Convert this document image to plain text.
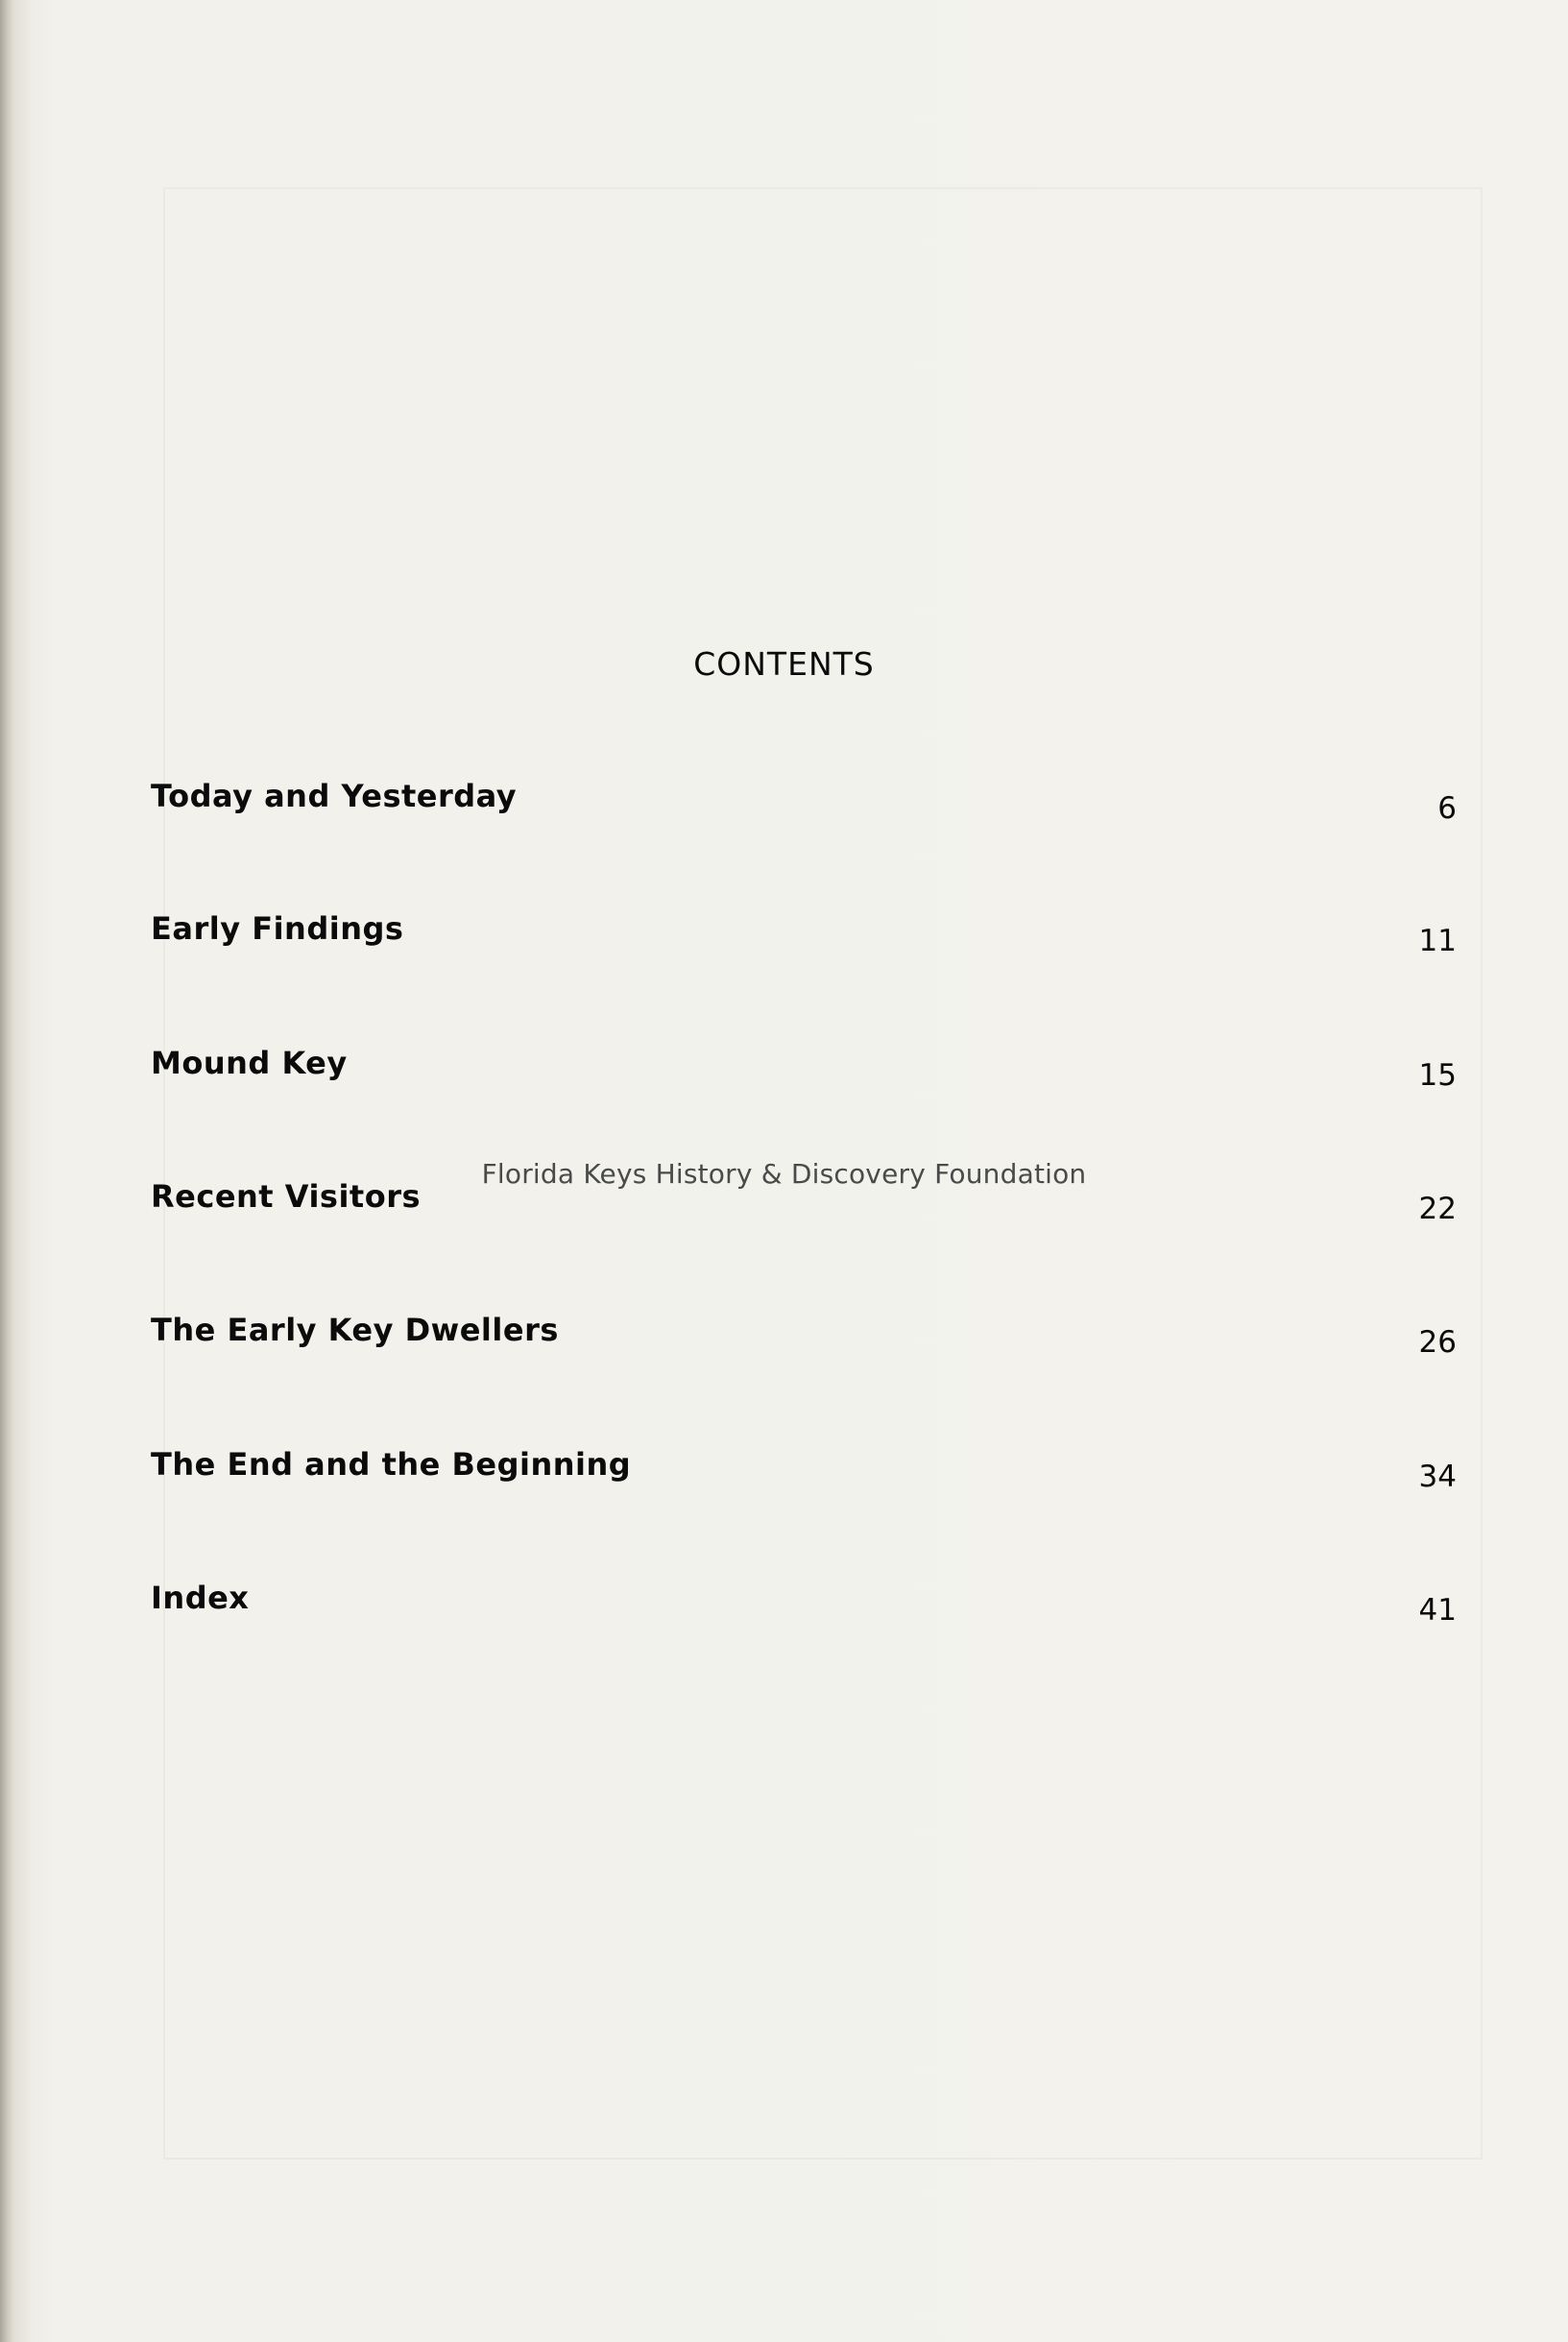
CONTENTS
Today and Yesterday	6
Early Findings	11
Mound Key	15
Recent Visitors	22
The Early Key Dwellers	26
The End and the Beginning	34
Index	41
Florida Keys History & Discovery Foundation
